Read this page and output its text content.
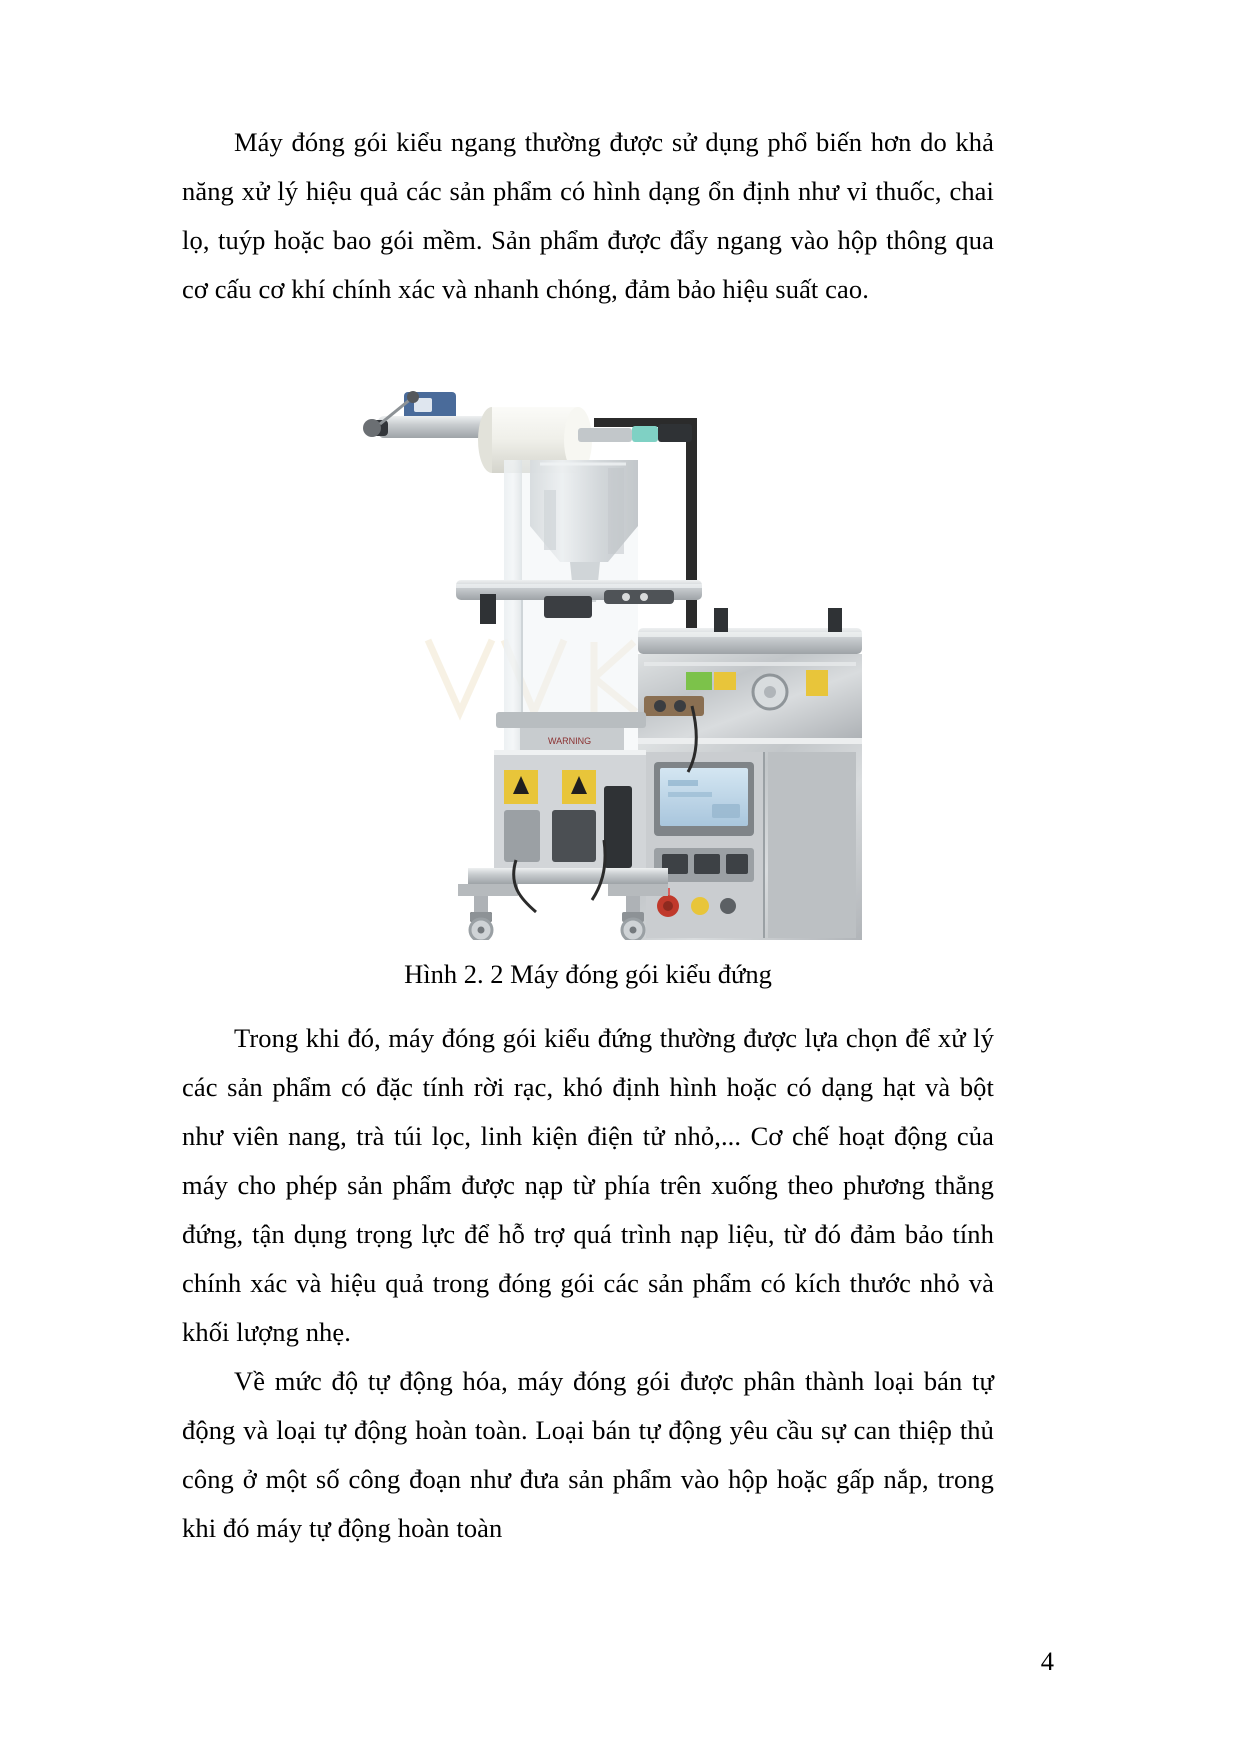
Máy đóng gói kiểu ngang thường được sử dụng phổ biến hơn do khả năng xử lý hiệu quả các sản phẩm có hình dạng ổn định như vỉ thuốc, chai lọ, tuýp hoặc bao gói mềm. Sản phẩm được đẩy ngang vào hộp thông qua cơ cấu cơ khí chính xác và nhanh chóng, đảm bảo hiệu suất cao.

WARNING
Hình 2. 2 Máy đóng gói kiểu đứng

Trong khi đó, máy đóng gói kiểu đứng thường được lựa chọn để xử lý các sản phẩm có đặc tính rời rạc, khó định hình hoặc có dạng hạt và bột như viên nang, trà túi lọc, linh kiện điện tử nhỏ,... Cơ chế hoạt động của máy cho phép sản phẩm được nạp từ phía trên xuống theo phương thẳng đứng, tận dụng trọng lực để hỗ trợ quá trình nạp liệu, từ đó đảm bảo tính chính xác và hiệu quả trong đóng gói các sản phẩm có kích thước nhỏ và khối lượng nhẹ.

Về mức độ tự động hóa, máy đóng gói được phân thành loại bán tự động và loại tự động hoàn toàn. Loại bán tự động yêu cầu sự can thiệp thủ công ở một số công đoạn như đưa sản phẩm vào hộp hoặc gấp nắp, trong khi đó máy tự động hoàn toàn

4
